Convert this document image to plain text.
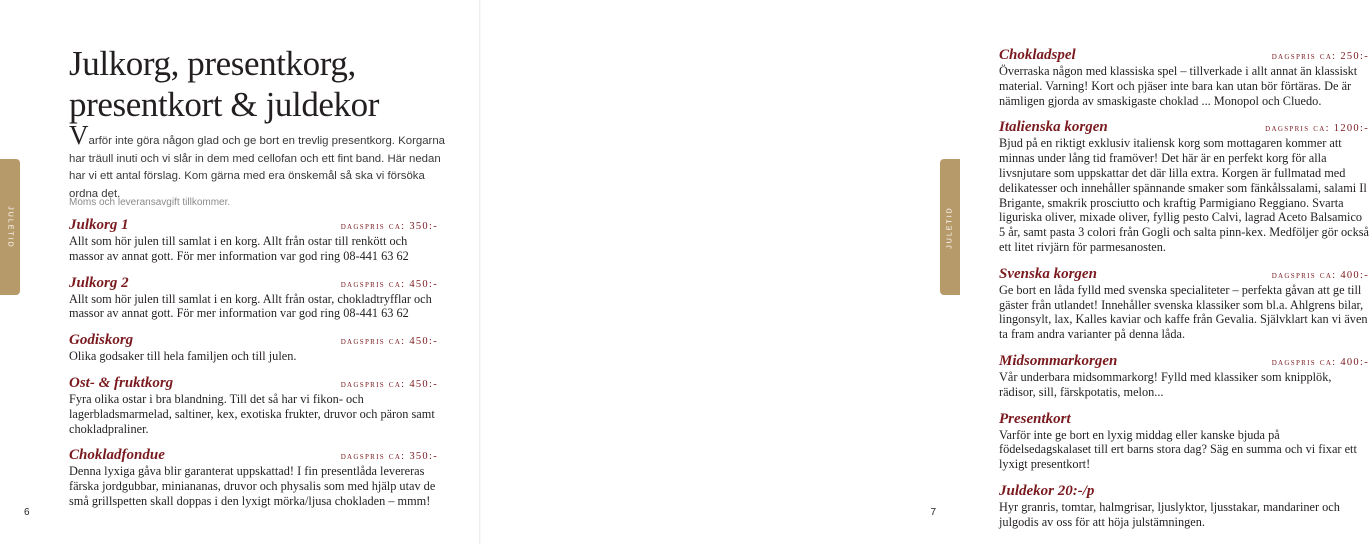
JULETID
Julkorg, presentkorg,
presentkort & juldekor

Varför inte göra någon glad och ge bort en trevlig presentkorg. Korgarna har träull inuti och vi slår in dem med cellofan och ett fint band. Här nedan har vi ett antal förslag. Kom gärna med era önskemål så ska vi försöka ordna det.

Moms och leveransavgift tillkommer.

Julkorg 1	dagspris ca: 350:-

Allt som hör julen till samlat i en korg. Allt från ostar till renkött och massor av annat gott. För mer information var god ring 08-441 63 62

Julkorg 2	dagspris ca: 450:-

Allt som hör julen till samlat i en korg. Allt från ostar, chokladtryfflar och massor av annat gott. För mer information var god ring 08-441 63 62

Godiskorg	dagspris ca: 450:-

Olika godsaker till hela familjen och till julen.

Ost- & fruktkorg	dagspris ca: 450:-

Fyra olika ostar i bra blandning. Till det så har vi fikon- och lagerbladsmarmelad, saltiner, kex, exotiska frukter, druvor och päron samt chokladpraliner.

Chokladfondue	dagspris ca: 350:-

Denna lyxiga gåva blir garanterat uppskattad! I fin presentlåda levereras färska jordgubbar, miniananas, druvor och physalis som med hjälp utav de små grillspetten skall doppas i den lyxigt mörka/ljusa chokladen – mmm!

6
JULETID
Chokladspel	dagspris ca: 250:-

Överraska någon med klassiska spel – tillverkade i allt annat än klassiskt material. Varning! Kort och pjäser inte bara kan utan bör förtäras. De är nämligen gjorda av smaskigaste choklad ... Monopol och Cluedo.

Italienska korgen	dagspris ca: 1200:-

Bjud på en riktigt exklusiv italiensk korg som mottagaren kommer att minnas under lång tid framöver! Det här är en perfekt korg för alla livsnjutare som uppskattar det där lilla extra. Korgen är fullmatad med delikatesser och innehåller spännande smaker som fänkålssalami, salami Il Brigante, smakrik prosciutto och kraftig Parmigiano Reggiano. Svarta liguriska oliver, mixade oliver, fyllig pesto Calvi, lagrad Aceto Balsamico 5 år, samt pasta 3 colori från Gogli och salta pinn-kex. Medföljer gör också ett litet rivjärn för parmesanosten.

Svenska korgen	dagspris ca: 400:-

Ge bort en låda fylld med svenska specialiteter – perfekta gåvan att ge till gäster från utlandet! Innehåller svenska klassiker som bl.a. Ahlgrens bilar, lingonsylt, lax, Kalles kaviar och kaffe från Gevalia. Självklart kan vi även ta fram andra varianter på denna låda.

Midsommarkorgen	dagspris ca: 400:-

Vår underbara midsommarkorg! Fylld med klassiker som knipplök, rädisor, sill, färskpotatis, melon...

Presentkort

Varför inte ge bort en lyxig middag eller kanske bjuda på födelsedagskalaset till ert barns stora dag? Säg en summa och vi fixar ett lyxigt presentkort!

Juldekor 20:-/p

Hyr granris, tomtar, halmgrisar, ljuslyktor, ljusstakar, mandariner och julgodis av oss för att höja julstämningen.

7
